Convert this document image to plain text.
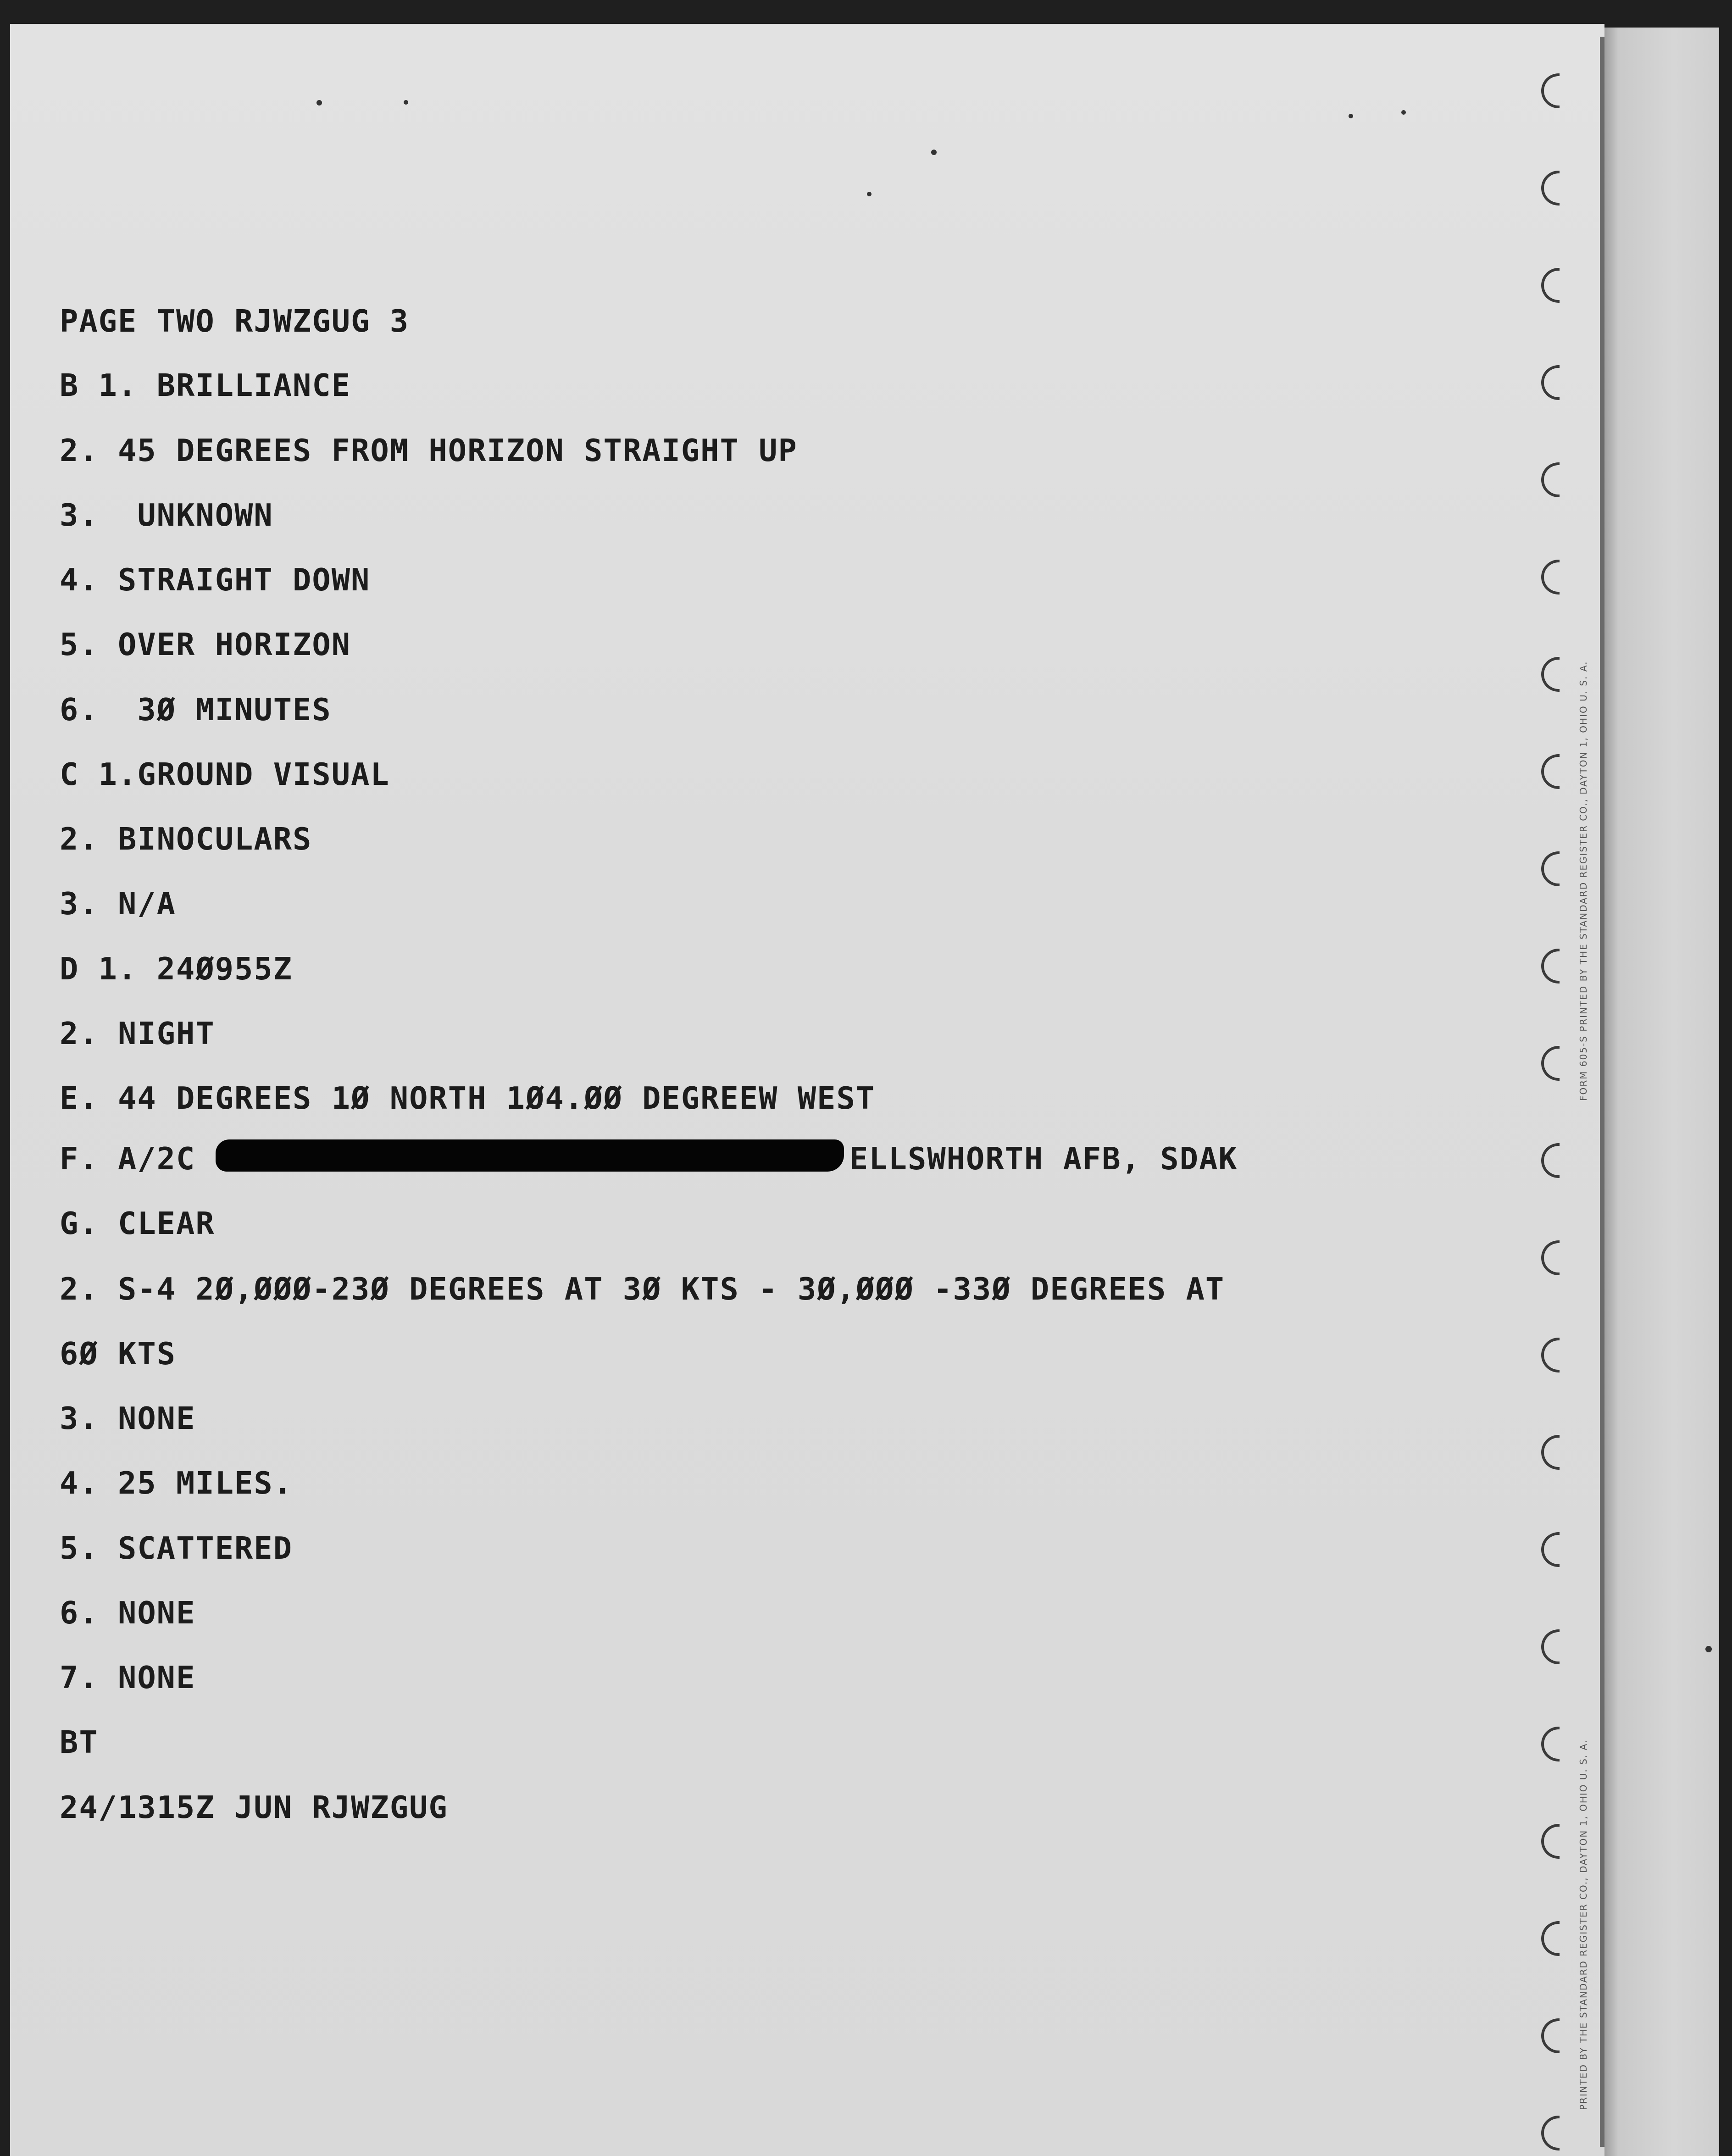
FORM 605-S PRINTED BY THE STANDARD REGISTER CO., DAYTON 1, OHIO U. S. A.
PRINTED BY THE STANDARD REGISTER CO., DAYTON 1, OHIO U. S. A.
PAGE TWO RJWZGUG 3
B 1. BRILLIANCE
2. 45 DEGREES FROM HORIZON STRAIGHT UP
3.  UNKNOWN
4. STRAIGHT DOWN
5. OVER HORIZON
6.  3Ø MINUTES
C 1.GROUND VISUAL
2. BINOCULARS
3. N/A
D 1. 24Ø955Z
2. NIGHT
E. 44 DEGREES 1Ø NORTH 1Ø4.ØØ DEGREEW WEST
F. A/2C	ELLSWHORTH AFB, SDAK
G. CLEAR
2. S-4 2Ø,ØØØ-23Ø DEGREES AT 3Ø KTS - 3Ø,ØØØ -33Ø DEGREES AT
6Ø KTS
3. NONE
4. 25 MILES.
5. SCATTERED
6. NONE
7. NONE
BT
24/1315Z JUN RJWZGUG
